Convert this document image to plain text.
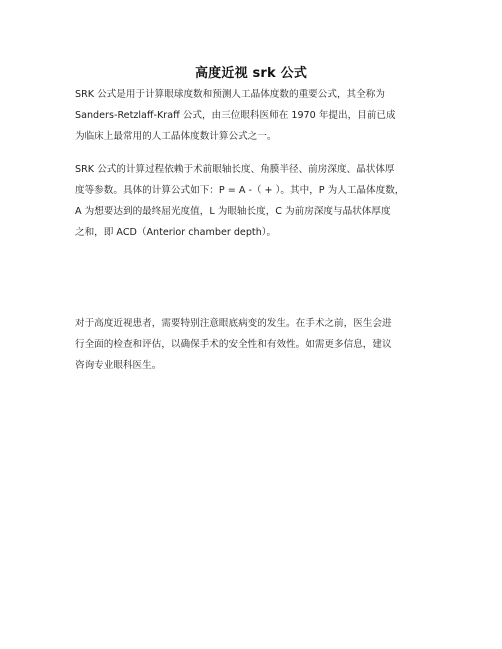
高度近视 srk 公式
SRK 公式是用于计算眼球度数和预测人工晶体度数的重要公式，其全称为
Sanders-Retzlaff-Kraff 公式，由三位眼科医师在 1970 年提出，目前已成
为临床上最常用的人工晶体度数计算公式之一。
SRK 公式的计算过程依赖于术前眼轴长度、角膜半径、前房深度、晶状体厚
度等参数。具体的计算公式如下：P = A -（ + ）。其中，P 为人工晶体度数，
A 为想要达到的最终屈光度值，L 为眼轴长度，C 为前房深度与晶状体厚度
之和，即 ACD（Anterior chamber depth）。
对于高度近视患者，需要特别注意眼底病变的发生。在手术之前，医生会进
行全面的检查和评估，以确保手术的安全性和有效性。如需更多信息，建议
咨询专业眼科医生。
